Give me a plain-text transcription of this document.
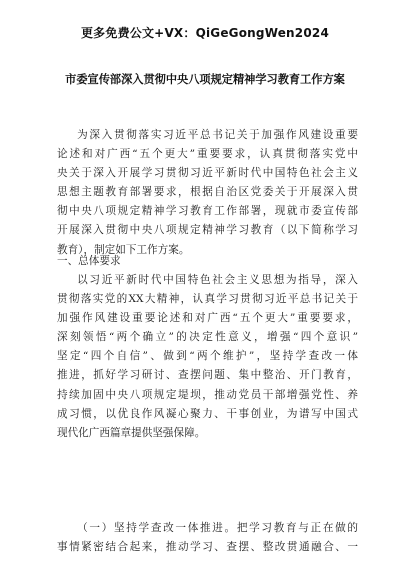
更多免费公文+VX：QiGeGongWen2024
市委宣传部深入贯彻中央八项规定精神学习教育工作方案
为深入贯彻落实习近平总书记关于加强作风建设重要
论述和对广西“五个更大”重要要求，认真贯彻落实党中
央关于深入开展学习贯彻习近平新时代中国特色社会主义
思想主题教育部署要求，根据自治区党委关于开展深入贯
彻中央八项规定精神学习教育工作部署，现就市委宣传部
开展深入贯彻中央八项规定精神学习教育（以下简称学习
教育），制定如下工作方案。
一、总体要求
以习近平新时代中国特色社会主义思想为指导，深入
贯彻落实党的XX大精神，认真学习贯彻习近平总书记关于
加强作风建设重要论述和对广西“五个更大”重要要求，
深刻领悟“两个确立”的决定性意义，增强“四个意识”
坚定“四个自信”、做到“两个维护”，坚持学查改一体
推进，抓好学习研讨、查摆问题、集中整治、开门教育，
持续加固中央八项规定堤坝，推动党员干部增强党性、养
成习惯，以优良作风凝心聚力、干事创业，为谱写中国式
现代化广西篇章提供坚强保障。
（一）坚持学查改一体推进。把学习教育与正在做的
事情紧密结合起来，推动学习、查摆、整改贯通融合、一
